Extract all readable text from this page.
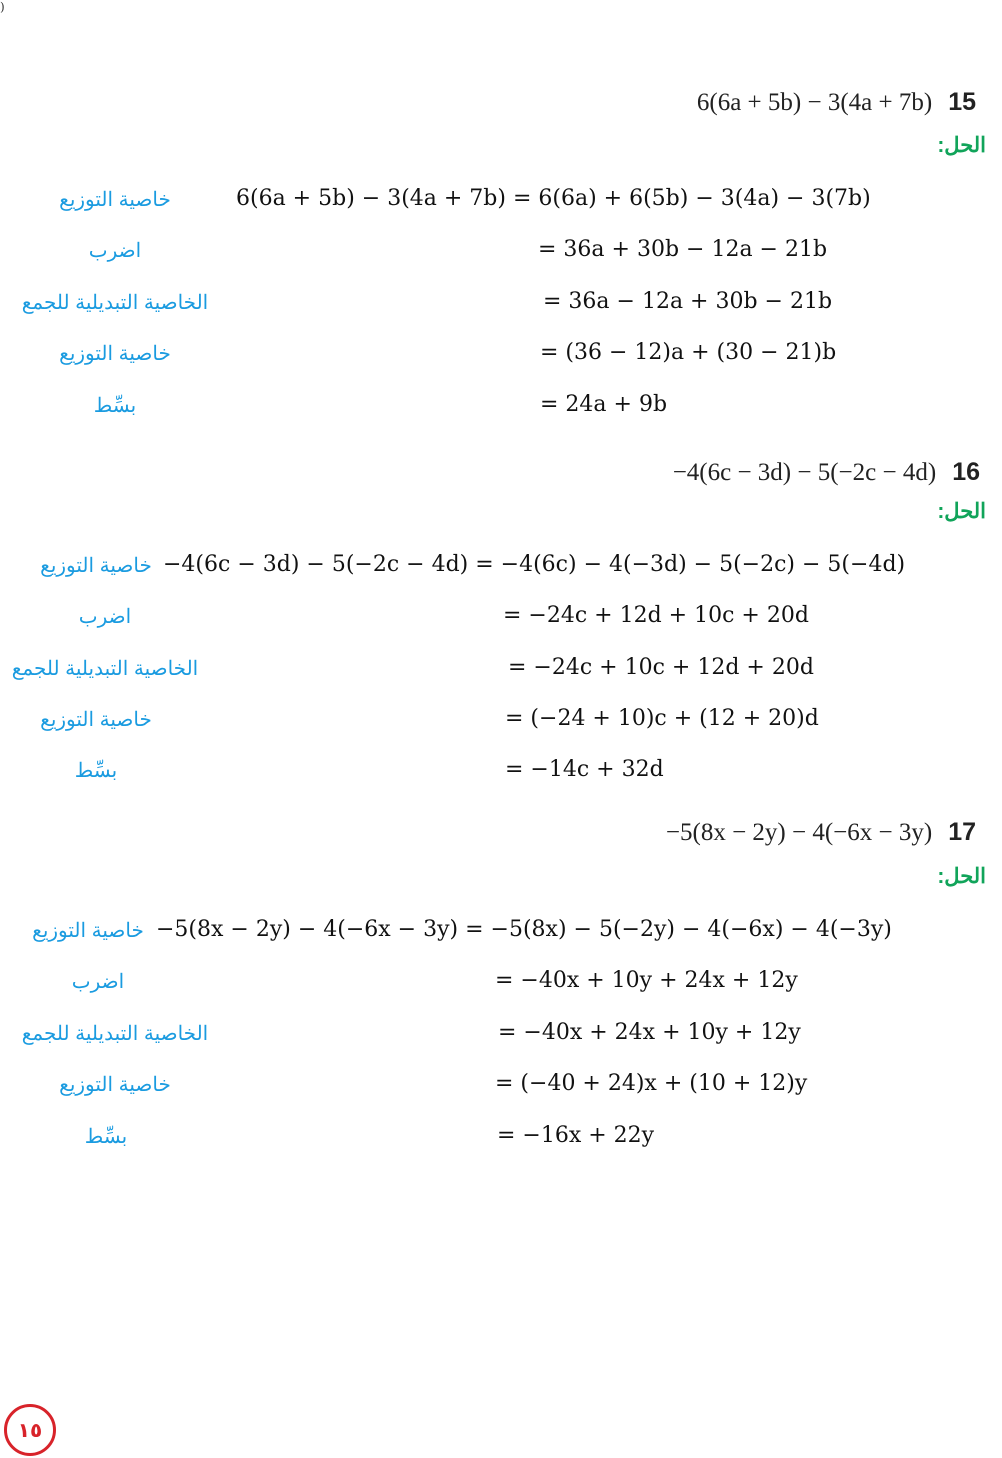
)
6(6a + 5b) − 3(4a + 7b) 15
الحل:
6(6a + 5b) − 3(4a + 7b) = 6(6a) + 6(5b) − 3(4a) − 3(7b)
خاصية التوزيع
= 36a + 30b − 12a − 21b
اضرب
= 36a − 12a + 30b − 21b
الخاصية التبديلية للجمع
= (36 − 12)a + (30 − 21)b
خاصية التوزيع
= 24a + 9b
بسِّط
−4(6c − 3d) − 5(−2c − 4d) 16
الحل:
−4(6c − 3d) − 5(−2c − 4d) = −4(6c) − 4(−3d) − 5(−2c) − 5(−4d)
خاصية التوزيع
= −24c + 12d + 10c + 20d
اضرب
= −24c + 10c + 12d + 20d
الخاصية التبديلية للجمع
= (−24 + 10)c + (12 + 20)d
خاصية التوزيع
= −14c + 32d
بسِّط
−5(8x − 2y) − 4(−6x − 3y) 17
الحل:
−5(8x − 2y) − 4(−6x − 3y) = −5(8x) − 5(−2y) − 4(−6x) − 4(−3y)
خاصية التوزيع
= −40x + 10y + 24x + 12y
اضرب
= −40x + 24x + 10y + 12y
الخاصية التبديلية للجمع
= (−40 + 24)x + (10 + 12)y
خاصية التوزيع
= −16x + 22y
بسِّط
١٥
